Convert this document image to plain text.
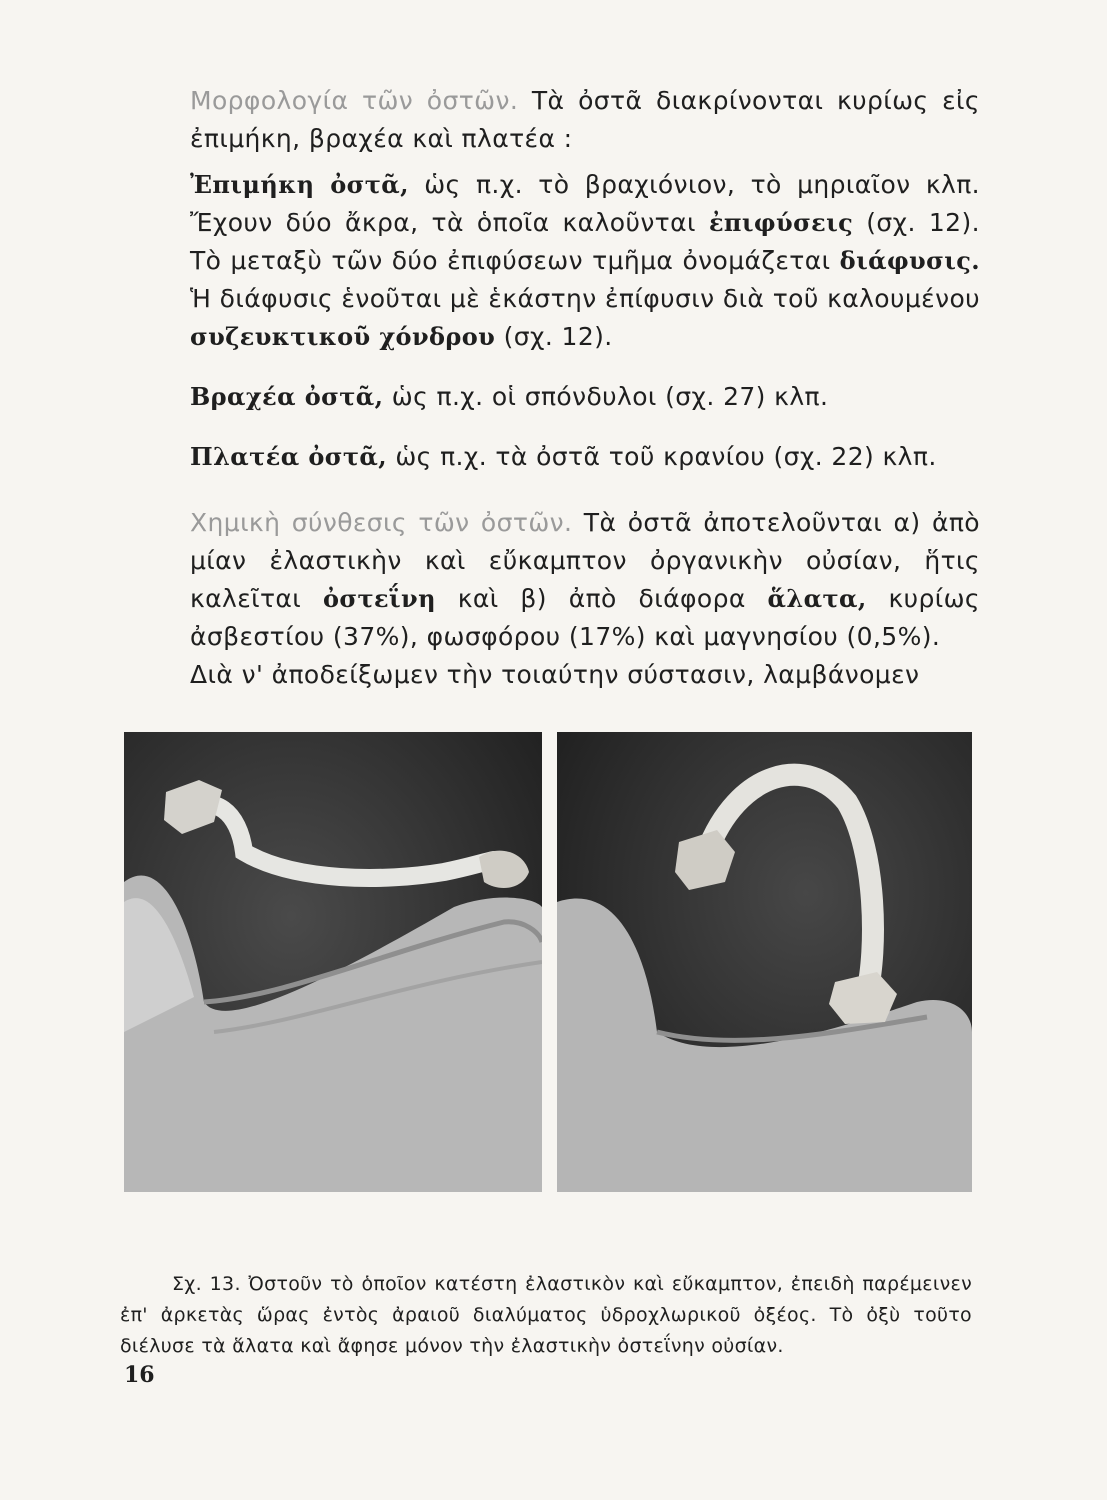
Μορφολογία τῶν ὀστῶν. Τὰ ὀστᾶ διακρίνονται κυρίως εἰς ἐπιμήκη, βραχέα καὶ πλατέα :

Ἐπιμήκη ὀστᾶ, ὡς π.χ. τὸ βραχιόνιον, τὸ μηριαῖον κλπ. Ἔχουν δύο ἄκρα, τὰ ὁποῖα καλοῦνται ἐπιφύσεις (σχ. 12). Τὸ μεταξὺ τῶν δύο ἐπιφύσεων τμῆμα ὀνομάζεται διάφυσις. Ἡ διάφυσις ἑνοῦται μὲ ἑκάστην ἐπίφυσιν διὰ τοῦ καλουμένου συζευκτικοῦ χόνδρου (σχ. 12).

Βραχέα ὀστᾶ, ὡς π.χ. οἱ σπόνδυλοι (σχ. 27) κλπ.

Πλατέα ὀστᾶ, ὡς π.χ. τὰ ὀστᾶ τοῦ κρανίου (σχ. 22) κλπ.

Χημικὴ σύνθεσις τῶν ὀστῶν. Τὰ ὀστᾶ ἀποτελοῦνται α) ἀπὸ μίαν ἐλαστικὴν καὶ εὔκαμπτον ὀργανικὴν οὐσίαν, ἥτις καλεῖται ὀστεΐνη καὶ β) ἀπὸ διάφορα ἅλατα, κυρίως ἀσβεστίου (37%), φωσφόρου (17%) καὶ μαγνησίου (0,5%).

Διὰ ν' ἀποδείξωμεν τὴν τοιαύτην σύστασιν, λαμβάνομεν

Σχ. 13. Ὀστοῦν τὸ ὁποῖον κατέστη ἐλαστικὸν καὶ εὔκαμπτον, ἐπειδὴ παρέμεινεν ἐπ' ἀρκετὰς ὥρας ἐντὸς ἀραιοῦ διαλύματος ὑδροχλωρικοῦ ὀξέος. Τὸ ὀξὺ τοῦτο διέλυσε τὰ ἅλατα καὶ ἄφησε μόνον τὴν ἐλαστικὴν ὀστεΐνην οὐσίαν.

16
